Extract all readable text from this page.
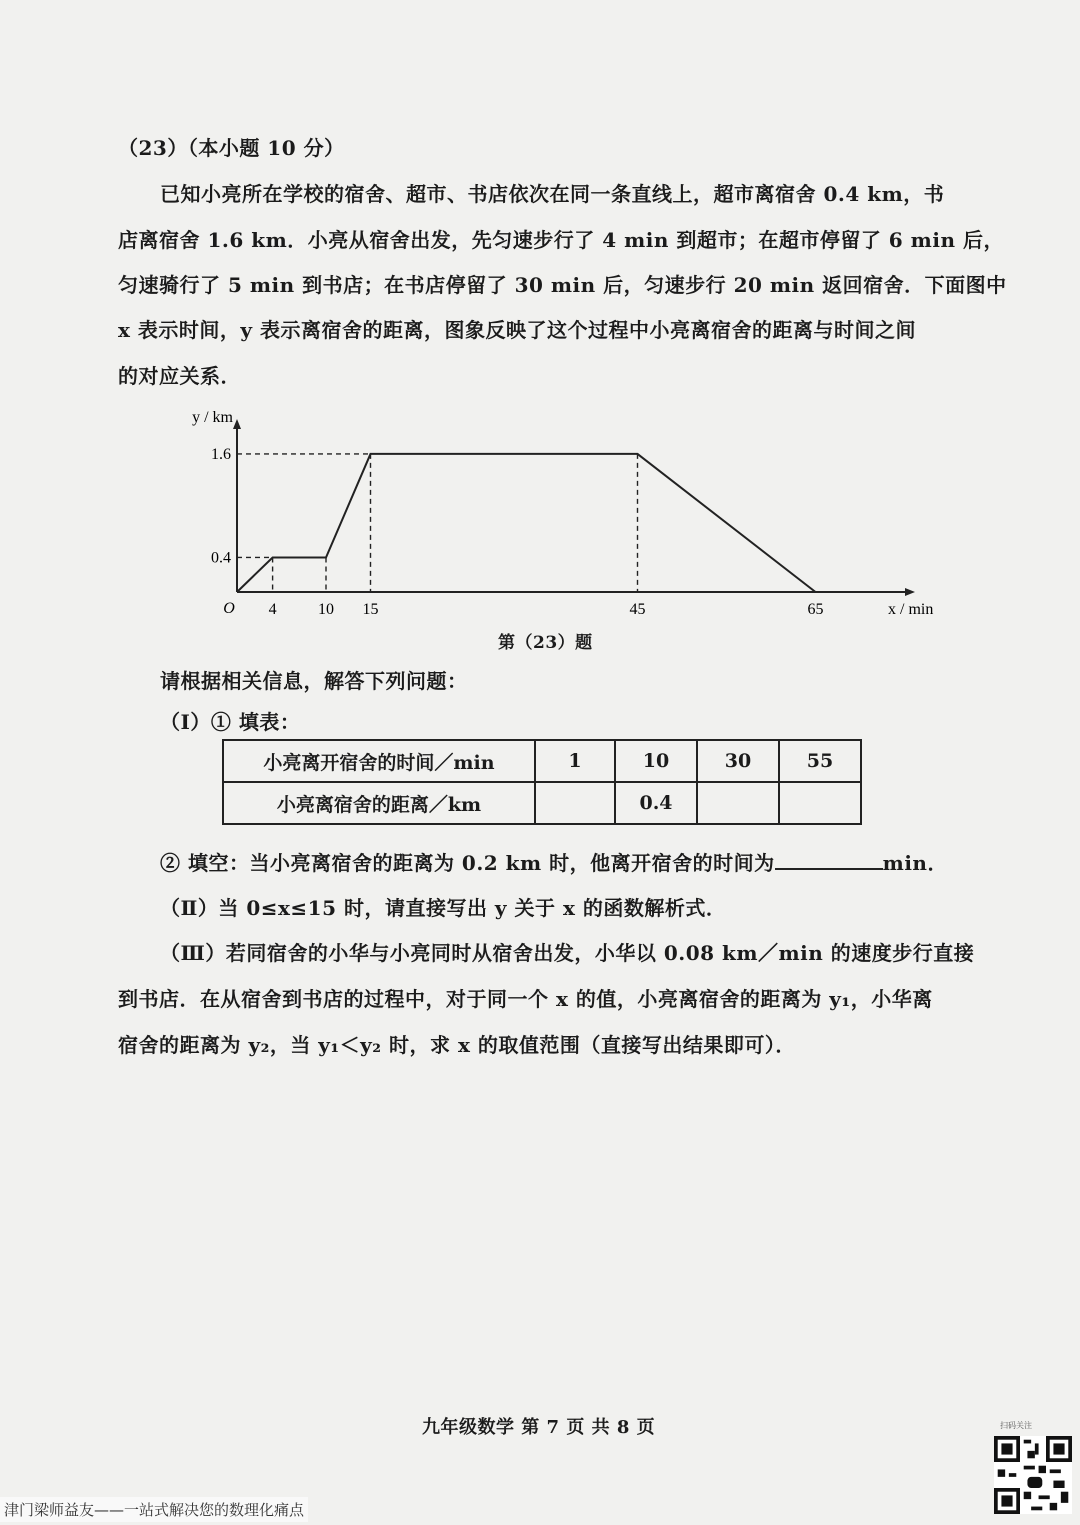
（23）（本小题 10 分）
已知小亮所在学校的宿舍、超市、书店依次在同一条直线上，超市离宿舍 0.4 km，书
店离宿舍 1.6 km．小亮从宿舍出发，先匀速步行了 4 min 到超市；在超市停留了 6 min 后，
匀速骑行了 5 min 到书店；在书店停留了 30 min 后，匀速步行 20 min 返回宿舍．下面图中
x 表示时间，y 表示离宿舍的距离，图象反映了这个过程中小亮离宿舍的距离与时间之间
的对应关系．
4	10 15	45	65
0.4
1.6
O	x / min
y / km
第（23）题
请根据相关信息，解答下列问题：
（Ⅰ）① 填表：
小亮离开宿舍的时间／min	1	10	30	55
小亮离宿舍的距离／km		0.4		
② 填空：当小亮离宿舍的距离为 0.2 km 时，他离开宿舍的时间为	min．
（Ⅱ）当 0≤x≤15 时，请直接写出 y 关于 x 的函数解析式．
（Ⅲ）若同宿舍的小华与小亮同时从宿舍出发，小华以 0.08 km／min 的速度步行直接
到书店．在从宿舍到书店的过程中，对于同一个 x 的值，小亮离宿舍的距离为 y₁，小华离
宿舍的距离为 y₂，当 y₁＜y₂ 时，求 x 的取值范围（直接写出结果即可）．
九年级数学 第 7 页 共 8 页	扫码关注
津门梁师益友——一站式解决您的数理化痛点
